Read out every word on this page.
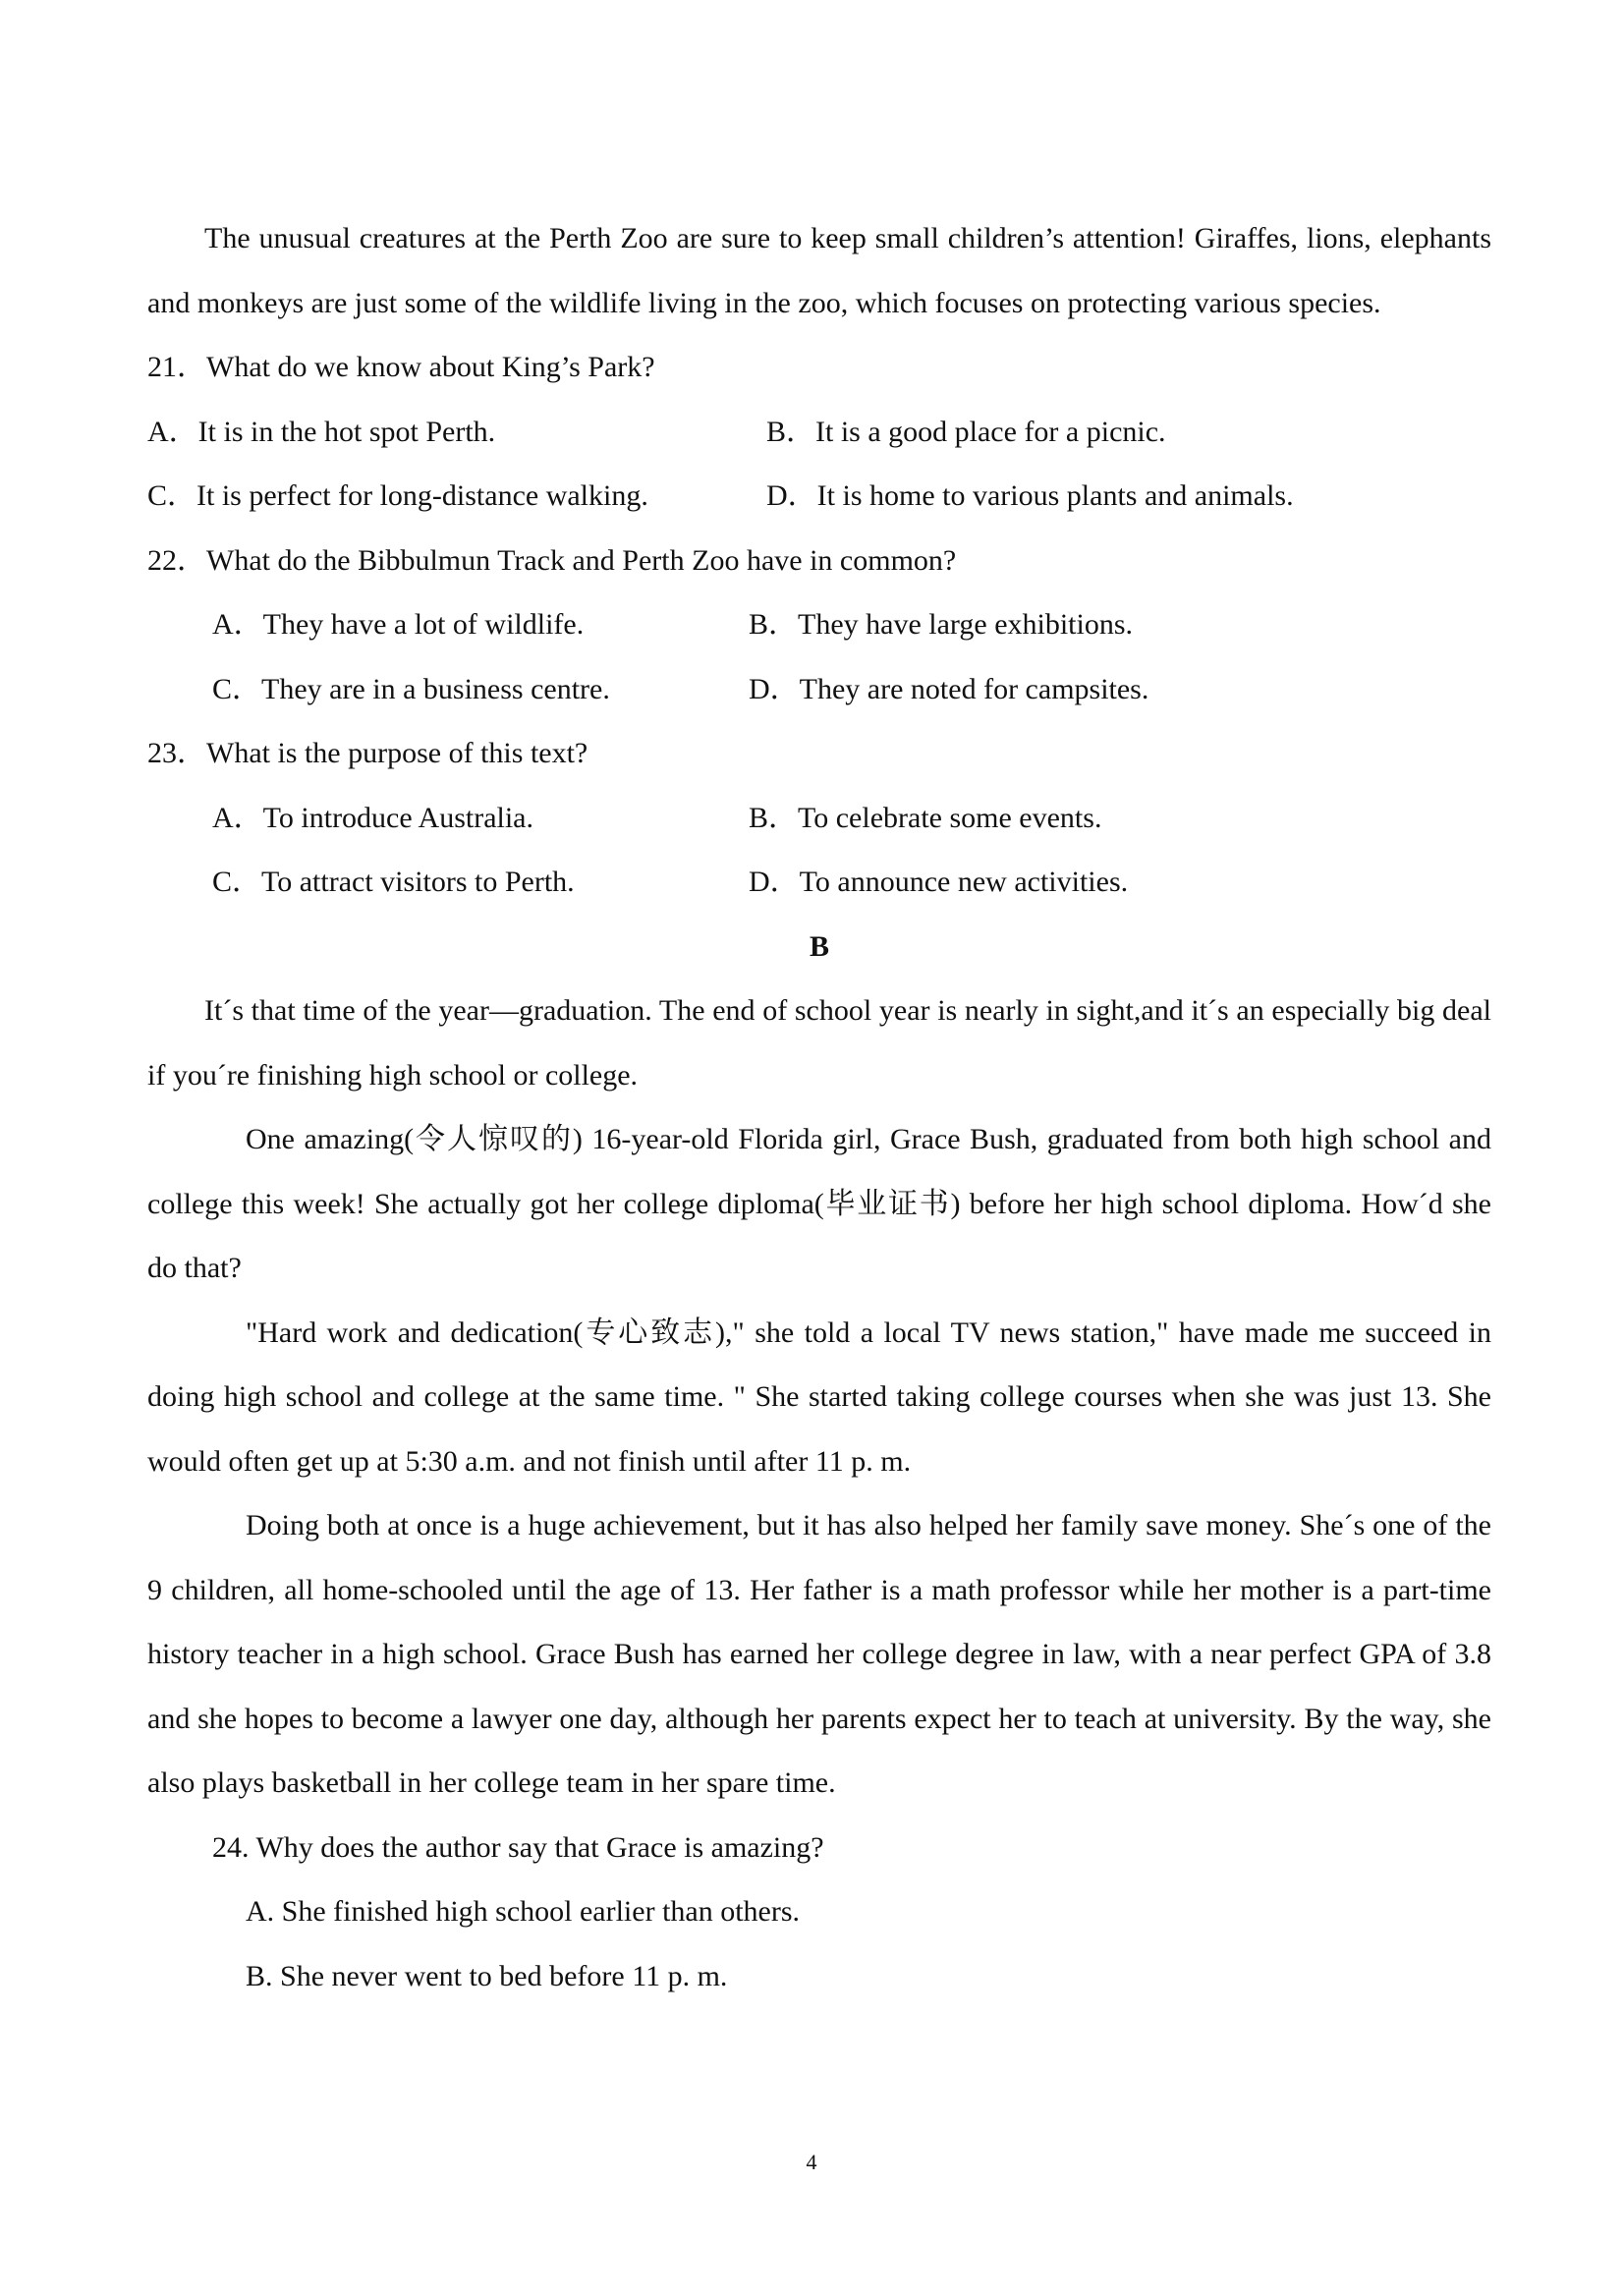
The unusual creatures at the Perth Zoo are sure to keep small children’s attention! Giraffes, lions, elephants and monkeys are just some of the wildlife living in the zoo, which focuses on protecting various species.

21．What do we know about King’s Park?

A．It is in the hot spot Perth.	B．It is a good place for a picnic.
C．It is perfect for long-distance walking.	D．It is home to various plants and animals.

22．What do the Bibbulmun Track and Perth Zoo have in common?

A．They have a lot of wildlife.	B．They have large exhibitions.
C．They are in a business centre.	D．They are noted for campsites.

23．What is the purpose of this text?

A．To introduce Australia.	B．To celebrate some events.
C．To attract visitors to Perth.	D．To announce new activities.

B

It´s that time of the year—graduation. The end of school year is nearly in sight,and it´s an especially big deal if you´re finishing high school or college.

One amazing(令人惊叹的) 16-year-old Florida girl, Grace Bush, graduated from both high school and college this week! She actually got her college diploma(毕业证书) before her high school diploma. How´d she do that?

"Hard work and dedication(专心致志)," she told a local TV news station," have made me succeed in doing high school and college at the same time. " She started taking college courses when she was just 13. She would often get up at 5:30 a.m. and not finish until after 11 p. m.

Doing both at once is a huge achievement, but it has also helped her family save money. She´s one of the 9 children, all home-schooled until the age of 13. Her father is a math professor while her mother is a part-time history teacher in a high school. Grace Bush has earned her college degree in law, with a near perfect GPA of 3.8 and she hopes to become a lawyer one day, although her parents expect her to teach at university. By the way, she also plays basketball in her college team in her spare time.

24. Why does the author say that Grace is amazing?

A. She finished high school earlier than others.

B. She never went to bed before 11 p. m.

4
